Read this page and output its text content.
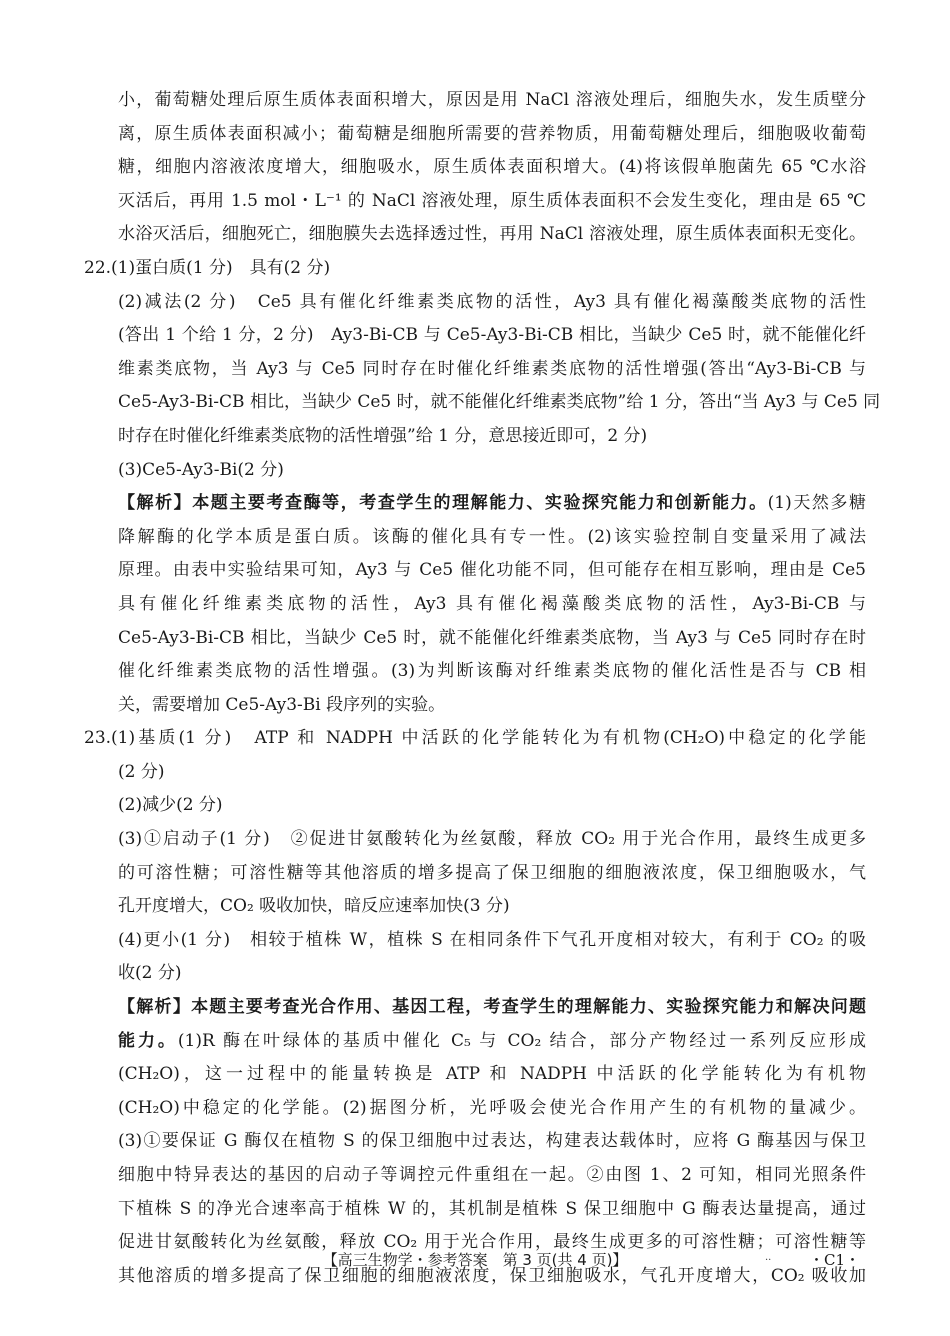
小，葡萄糖处理后原生质体表面积增大，原因是用 NaCl 溶液处理后，细胞失水，发生质壁分
离，原生质体表面积减小；葡萄糖是细胞所需要的营养物质，用葡萄糖处理后，细胞吸收葡萄
糖，细胞内溶液浓度增大，细胞吸水，原生质体表面积增大。(4)将该假单胞菌先 65 ℃水浴
灭活后，再用 1.5 mol・L⁻¹ 的 NaCl 溶液处理，原生质体表面积不会发生变化，理由是 65 ℃
水浴灭活后，细胞死亡，细胞膜失去选择透过性，再用 NaCl 溶液处理，原生质体表面积无变化。
22.(1)蛋白质(1 分)　具有(2 分)
(2)减法(2 分)　Ce5 具有催化纤维素类底物的活性，Ay3 具有催化褐藻酸类底物的活性
(答出 1 个给 1 分，2 分)　Ay3-Bi-CB 与 Ce5-Ay3-Bi-CB 相比，当缺少 Ce5 时，就不能催化纤
维素类底物，当 Ay3 与 Ce5 同时存在时催化纤维素类底物的活性增强(答出“Ay3-Bi-CB 与
Ce5-Ay3-Bi-CB 相比，当缺少 Ce5 时，就不能催化纤维素类底物”给 1 分，答出“当 Ay3 与 Ce5 同
时存在时催化纤维素类底物的活性增强”给 1 分，意思接近即可，2 分)
(3)Ce5-Ay3-Bi(2 分)
【解析】本题主要考查酶等，考查学生的理解能力、实验探究能力和创新能力。(1)天然多糖
降解酶的化学本质是蛋白质。该酶的催化具有专一性。(2)该实验控制自变量采用了减法
原理。由表中实验结果可知，Ay3 与 Ce5 催化功能不同，但可能存在相互影响，理由是 Ce5
具有催化纤维素类底物的活性，Ay3 具有催化褐藻酸类底物的活性，Ay3-Bi-CB 与
Ce5-Ay3-Bi-CB 相比，当缺少 Ce5 时，就不能催化纤维素类底物，当 Ay3 与 Ce5 同时存在时
催化纤维素类底物的活性增强。(3)为判断该酶对纤维素类底物的催化活性是否与 CB 相
关，需要增加 Ce5-Ay3-Bi 段序列的实验。
23.(1)基质(1 分)　ATP 和 NADPH 中活跃的化学能转化为有机物(CH₂O)中稳定的化学能
(2 分)
(2)减少(2 分)
(3)①启动子(1 分)　②促进甘氨酸转化为丝氨酸，释放 CO₂ 用于光合作用，最终生成更多
的可溶性糖；可溶性糖等其他溶质的增多提高了保卫细胞的细胞液浓度，保卫细胞吸水，气
孔开度增大，CO₂ 吸收加快，暗反应速率加快(3 分)
(4)更小(1 分)　相较于植株 W，植株 S 在相同条件下气孔开度相对较大，有利于 CO₂ 的吸
收(2 分)
【解析】本题主要考查光合作用、基因工程，考查学生的理解能力、实验探究能力和解决问题
能力。(1)R 酶在叶绿体的基质中催化 C₅ 与 CO₂ 结合，部分产物经过一系列反应形成
(CH₂O)，这一过程中的能量转换是 ATP 和 NADPH 中活跃的化学能转化为有机物
(CH₂O)中稳定的化学能。(2)据图分析，光呼吸会使光合作用产生的有机物的量减少。
(3)①要保证 G 酶仅在植物 S 的保卫细胞中过表达，构建表达载体时，应将 G 酶基因与保卫
细胞中特异表达的基因的启动子等调控元件重组在一起。②由图 1、2 可知，相同光照条件
下植株 S 的净光合速率高于植株 W 的，其机制是植株 S 保卫细胞中 G 酶表达量提高，通过
促进甘氨酸转化为丝氨酸，释放 CO₂ 用于光合作用，最终生成更多的可溶性糖；可溶性糖等
其他溶质的增多提高了保卫细胞的细胞液浓度，保卫细胞吸水，气孔开度增大，CO₂ 吸收加
【高三生物学・参考答案　第 3 页(共 4 页)】	··	・C1・
